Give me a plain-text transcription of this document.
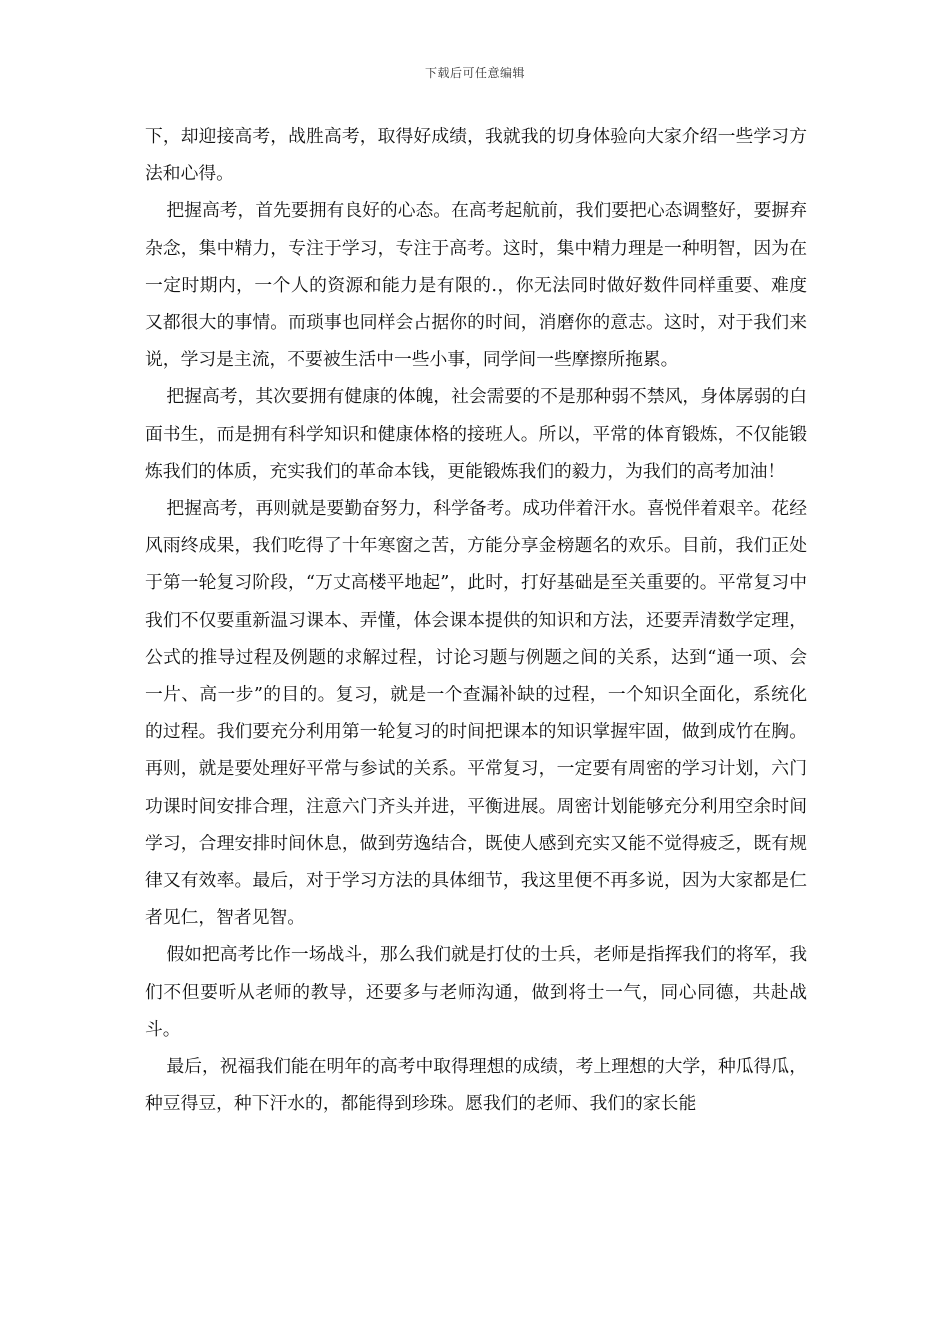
下载后可任意编辑

下，却迎接高考，战胜高考，取得好成绩，我就我的切身体验向大家介绍一些学习方法和心得。

把握高考，首先要拥有良好的心态。在高考起航前，我们要把心态调整好，要摒弃杂念，集中精力，专注于学习，专注于高考。这时，集中精力理是一种明智，因为在一定时期内，一个人的资源和能力是有限的.，你无法同时做好数件同样重要、难度又都很大的事情。而琐事也同样会占据你的时间，消磨你的意志。这时，对于我们来说，学习是主流，不要被生活中一些小事，同学间一些摩擦所拖累。

把握高考，其次要拥有健康的体魄，社会需要的不是那种弱不禁风，身体孱弱的白面书生，而是拥有科学知识和健康体格的接班人。所以，平常的体育锻炼，不仅能锻炼我们的体质，充实我们的革命本钱，更能锻炼我们的毅力，为我们的高考加油！

把握高考，再则就是要勤奋努力，科学备考。成功伴着汗水。喜悦伴着艰辛。花经风雨终成果，我们吃得了十年寒窗之苦，方能分享金榜题名的欢乐。目前，我们正处于第一轮复习阶段，“万丈高楼平地起”，此时，打好基础是至关重要的。平常复习中我们不仅要重新温习课本、弄懂，体会课本提供的知识和方法，还要弄清数学定理，公式的推导过程及例题的求解过程，讨论习题与例题之间的关系，达到“通一项、会一片、高一步”的目的。复习，就是一个查漏补缺的过程，一个知识全面化，系统化的过程。我们要充分利用第一轮复习的时间把课本的知识掌握牢固，做到成竹在胸。再则，就是要处理好平常与参试的关系。平常复习，一定要有周密的学习计划，六门功课时间安排合理，注意六门齐头并进，平衡进展。周密计划能够充分利用空余时间学习，合理安排时间休息，做到劳逸结合，既使人感到充实又能不觉得疲乏，既有规律又有效率。最后，对于学习方法的具体细节，我这里便不再多说，因为大家都是仁者见仁，智者见智。

假如把高考比作一场战斗，那么我们就是打仗的士兵，老师是指挥我们的将军，我们不但要听从老师的教导，还要多与老师沟通，做到将士一气，同心同德，共赴战斗。

最后，祝福我们能在明年的高考中取得理想的成绩，考上理想的大学，种瓜得瓜，种豆得豆，种下汗水的，都能得到珍珠。愿我们的老师、我们的家长能
